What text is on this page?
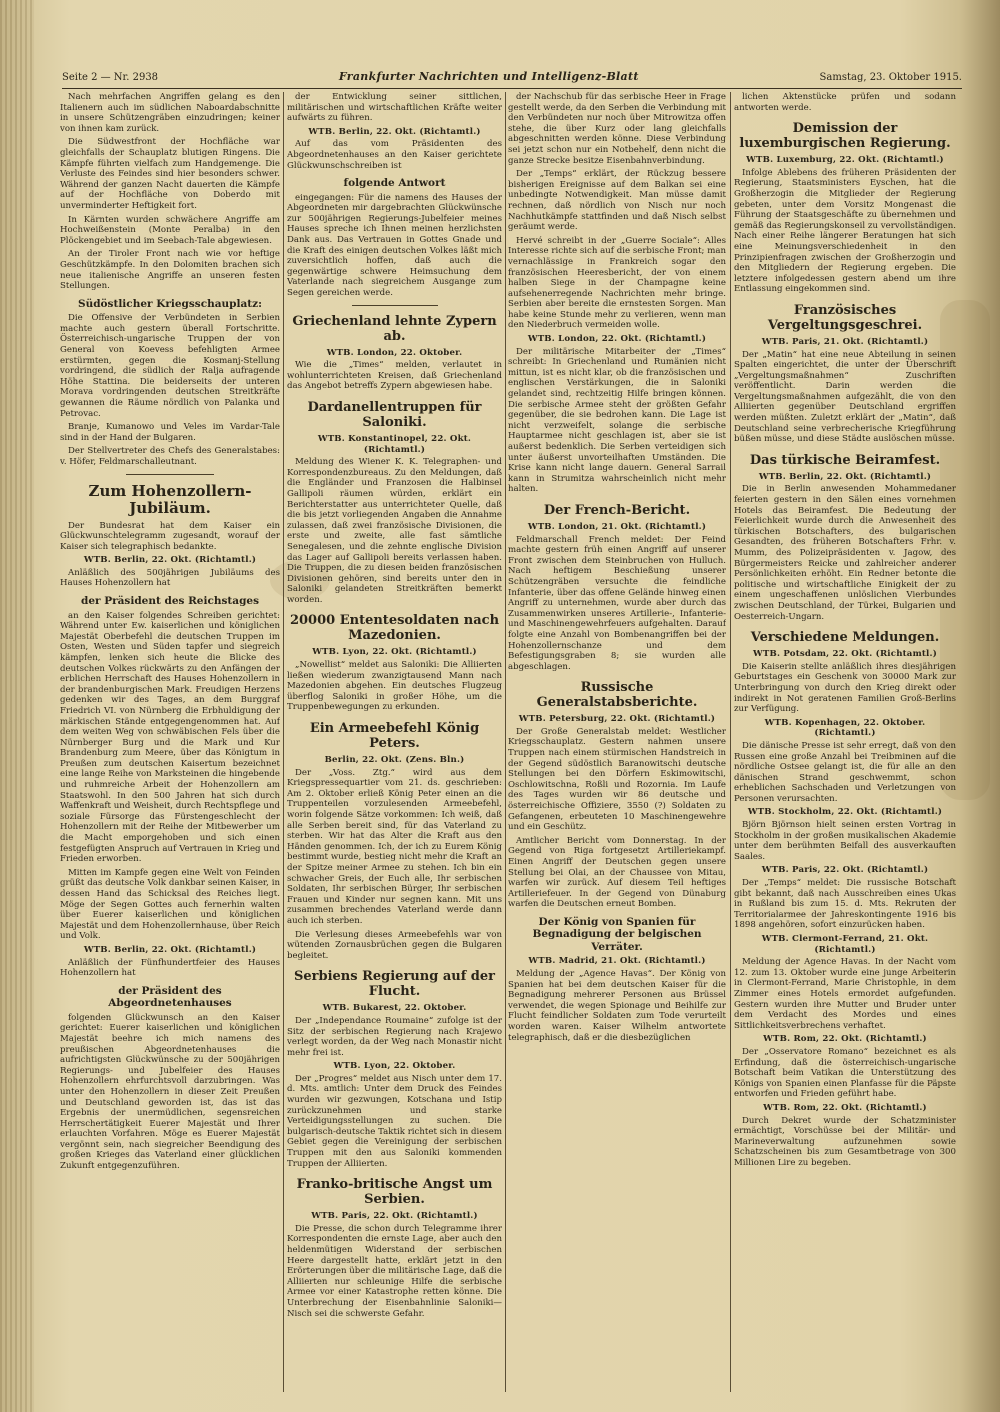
Seite 2 — Nr. 2938	Frankfurter Nachrichten und Intelligenz-Blatt	Samstag, 23. Oktober 1915.

Nach mehrfachen Angriffen gelang es den Italienern auch im südlichen Naboardabschnitte in unsere Schützengräben einzudringen; keiner von ihnen kam zurück.

Die Südwestfront der Hochfläche war gleichfalls der Schauplatz blutigen Ringens. Die Kämpfe führten vielfach zum Handgemenge. Die Verluste des Feindes sind hier besonders schwer. Während der ganzen Nacht dauerten die Kämpfe auf der Hochfläche von Doberdo mit unverminderter Heftigkeit fort.

In Kärnten wurden schwächere Angriffe am Hochweißenstein (Monte Peralba) in den Plöckengebiet und im Seebach-Tale abgewiesen.

An der Tiroler Front nach wie vor heftige Geschützkämpfe. In den Dolomiten brachen sich neue italienische Angriffe an unseren festen Stellungen.

Südöstlicher Kriegsschauplatz:

Die Offensive der Verbündeten in Serbien machte auch gestern überall Fortschritte. Österreichisch-ungarische Truppen der von General von Koevess befehligten Armee erstürmten, gegen die Kosmanj-Stellung vordringend, die südlich der Ralja aufragende Höhe Stattina. Die beiderseits der unteren Morava vordringenden deutschen Streitkräfte gewannen die Räume nördlich von Palanka und Petrovac.

Branje, Kumanowo und Veles im Vardar-Tale sind in der Hand der Bulgaren.

Der Stellvertreter des Chefs des Generalstabes: v. Höfer, Feldmarschalleutnant.

Zum Hohenzollern-Jubiläum.

Der Bundesrat hat dem Kaiser ein Glückwunschtelegramm zugesandt, worauf der Kaiser sich telegraphisch bedankte.

WTB. Berlin, 22. Okt. (Richtamtl.)

Anläßlich des 500jährigen Jubiläums des Hauses Hohenzollern hat

der Präsident des Reichstages

an den Kaiser folgendes Schreiben gerichtet: Während unter Ew. kaiserlichen und königlichen Majestät Oberbefehl die deutschen Truppen im Osten, Westen und Süden tapfer und siegreich kämpfen, lenken sich heute die Blicke des deutschen Volkes rückwärts zu den Anfängen der erblichen Herrschaft des Hauses Hohenzollern in der brandenburgischen Mark. Freudigen Herzens gedenken wir des Tages, an dem Burggraf Friedrich VI. von Nürnberg die Erbhuldigung der märkischen Stände entgegengenommen hat. Auf dem weiten Weg von schwäbischen Fels über die Nürnberger Burg und die Mark und Kur Brandenburg zum Meere, über das Königtum in Preußen zum deutschen Kaisertum bezeichnet eine lange Reihe von Marksteinen die hingebende und ruhmreiche Arbeit der Hohenzollern am Staatswohl. In den 500 Jahren hat sich durch Waffenkraft und Weisheit, durch Rechtspflege und soziale Fürsorge das Fürstengeschlecht der Hohenzollern mit der Reihe der Mitbewerber um die Macht emporgehoben und sich einen festgefügten Anspruch auf Vertrauen in Krieg und Frieden erworben.

Mitten im Kampfe gegen eine Welt von Feinden grüßt das deutsche Volk dankbar seinen Kaiser, in dessen Hand das Schicksal des Reiches liegt. Möge der Segen Gottes auch fernerhin walten über Euerer kaiserlichen und königlichen Majestät und dem Hohenzollernhause, über Reich und Volk.

WTB. Berlin, 22. Okt. (Richtamtl.)

Anläßlich der Fünfhundertfeier des Hauses Hohenzollern hat

der Präsident des Abgeordnetenhauses

folgenden Glückwunsch an den Kaiser gerichtet: Euerer kaiserlichen und königlichen Majestät beehre ich mich namens des preußischen Abgeordnetenhauses die aufrichtigsten Glückwünsche zu der 500jährigen Regierungs- und Jubelfeier des Hauses Hohenzollern ehrfurchtsvoll darzubringen. Was unter den Hohenzollern in dieser Zeit Preußen und Deutschland geworden ist, das ist das Ergebnis der unermüdlichen, segensreichen Herrschertätigkeit Euerer Majestät und Ihrer erlauchten Vorfahren. Möge es Euerer Majestät vergönnt sein, nach siegreicher Beendigung des großen Krieges das Vaterland einer glücklichen Zukunft entgegenzuführen.

der Entwicklung seiner sittlichen, militärischen und wirtschaftlichen Kräfte weiter aufwärts zu führen.

WTB. Berlin, 22. Okt. (Richtamtl.)

Auf das vom Präsidenten des Abgeordnetenhauses an den Kaiser gerichtete Glückwunschschreiben ist

folgende Antwort

eingegangen: Für die namens des Hauses der Abgeordneten mir dargebrachten Glückwünsche zur 500jährigen Regierungs-Jubelfeier meines Hauses spreche ich Ihnen meinen herzlichsten Dank aus. Das Vertrauen in Gottes Gnade und die Kraft des einigen deutschen Volkes läßt mich zuversichtlich hoffen, daß auch die gegenwärtige schwere Heimsuchung dem Vaterlande nach siegreichem Ausgange zum Segen gereichen werde.

Griechenland lehnte Zypern ab.
WTB. London, 22. Oktober.

Wie die „Times“ melden, verlautet in wohlunterrichteten Kreisen, daß Griechenland das Angebot betreffs Zypern abgewiesen habe.

Dardanellentruppen für Saloniki.
WTB. Konstantinopel, 22. Okt. (Richtamtl.)

Meldung des Wiener K. K. Telegraphen- und Korrespondenzbureaus. Zu den Meldungen, daß die Engländer und Franzosen die Halbinsel Gallipoli räumen würden, erklärt ein Berichterstatter aus unterrichteter Quelle, daß die bis jetzt vorliegenden Angaben die Annahme zulassen, daß zwei französische Divisionen, die erste und zweite, alle fast sämtliche Senegalesen, und die zehnte englische Division das Lager auf Gallipoli bereits verlassen haben. Die Truppen, die zu diesen beiden französischen Divisionen gehören, sind bereits unter den in Saloniki gelandeten Streitkräften bemerkt worden.

20000 Ententesoldaten nach Mazedonien.
WTB. Lyon, 22. Okt. (Richtamtl.)

„Nowellist“ meldet aus Saloniki: Die Alliierten ließen wiederum zwanzigtausend Mann nach Mazedonien abgehen. Ein deutsches Flugzeug überflog Saloniki in großer Höhe, um die Truppenbewegungen zu erkunden.

Ein Armeebefehl König Peters.
Berlin, 22. Okt. (Zens. Bln.)

Der „Voss. Ztg.“ wird aus dem Kriegspressequartier vom 21. ds. geschrieben: Am 2. Oktober erließ König Peter einen an die Truppenteilen vorzulesenden Armeebefehl, worin folgende Sätze vorkommen: Ich weiß, daß alle Serben bereit sind, für das Vaterland zu sterben. Wir hat das Alter die Kraft aus den Händen genommen. Ich, der ich zu Eurem König bestimmt wurde, bestieg nicht mehr die Kraft an der Spitze meiner Armee zu stehen. Ich bin ein schwacher Greis, der Euch alle, Ihr serbischen Soldaten, Ihr serbischen Bürger, Ihr serbischen Frauen und Kinder nur segnen kann. Mit uns zusammen brechendes Vaterland werde dann auch ich sterben.

Die Verlesung dieses Armeebefehls war von wütenden Zornausbrüchen gegen die Bulgaren begleitet.

Serbiens Regierung auf der Flucht.
WTB. Bukarest, 22. Oktober.

Der „Independance Roumaine“ zufolge ist der Sitz der serbischen Regierung nach Krajewo verlegt worden, da der Weg nach Monastir nicht mehr frei ist.

WTB. Lyon, 22. Oktober.

Der „Progres“ meldet aus Nisch unter dem 17. d. Mts. amtlich: Unter dem Druck des Feindes wurden wir gezwungen, Kotschana und Istip zurückzunehmen und starke Verteidigungsstellungen zu suchen. Die bulgarisch-deutsche Taktik richtet sich in diesem Gebiet gegen die Vereinigung der serbischen Truppen mit den aus Saloniki kommenden Truppen der Alliierten.

Franko-britische Angst um Serbien.
WTB. Paris, 22. Okt. (Richtamtl.)

Die Presse, die schon durch Telegramme ihrer Korrespondenten die ernste Lage, aber auch den heldenmütigen Widerstand der serbischen Heere dargestellt hatte, erklärt jetzt in den Erörterungen über die militärische Lage, daß die Alliierten nur schleunige Hilfe die serbische Armee vor einer Katastrophe retten könne. Die Unterbrechung der Eisenbahnlinie Saloniki—Nisch sei die schwerste Gefahr.

der Nachschub für das serbische Heer in Frage gestellt werde, da den Serben die Verbindung mit den Verbündeten nur noch über Mitrowitza offen stehe, die über Kurz oder lang gleichfalls abgeschnitten werden könne. Diese Verbindung sei jetzt schon nur ein Notbehelf, denn nicht die ganze Strecke besitze Eisenbahnverbindung.

Der „Temps“ erklärt, der Rückzug bessere bisherigen Ereignisse auf dem Balkan sei eine unbedingte Notwendigkeit. Man müsse damit rechnen, daß nördlich von Nisch nur noch Nachhutkämpfe stattfinden und daß Nisch selbst geräumt werde.

Hervé schreibt in der „Guerre Sociale“: Alles Interesse richte sich auf die serbische Front; man vernachlässige in Frankreich sogar den französischen Heeresbericht, der von einem halben Siege in der Champagne keine aufsehenerregende Nachrichten mehr bringe. Serbien aber bereite die ernstesten Sorgen. Man habe keine Stunde mehr zu verlieren, wenn man den Niederbruch vermeiden wolle.

WTB. London, 22. Okt. (Richtamtl.)

Der militärische Mitarbeiter der „Times“ schreibt: In Griechenland und Rumänien nicht mittun, ist es nicht klar, ob die französischen und englischen Verstärkungen, die in Saloniki gelandet sind, rechtzeitig Hilfe bringen können. Die serbische Armee steht der größten Gefahr gegenüber, die sie bedrohen kann. Die Lage ist nicht verzweifelt, solange die serbische Hauptarmee nicht geschlagen ist, aber sie ist außerst bedenklich. Die Serben verteidigen sich unter äußerst unvorteilhaften Umständen. Die Krise kann nicht lange dauern. General Sarrail kann in Strumitza wahrscheinlich nicht mehr halten.

Der French-Bericht.
WTB. London, 21. Okt. (Richtamtl.)

Feldmarschall French meldet: Der Feind machte gestern früh einen Angriff auf unserer Front zwischen dem Steinbruchen von Hulluch. Nach heftigem Beschießung unserer Schützengräben versuchte die feindliche Infanterie, über das offene Gelände hinweg einen Angriff zu unternehmen, wurde aber durch das Zusammenwirken unseres Artillerie-, Infanterie- und Maschinengewehrfeuers aufgehalten. Darauf folgte eine Anzahl von Bombenangriffen bei der Hohenzollernschanze und dem Befestigungsgraben 8; sie wurden alle abgeschlagen.

Russische Generalstabsberichte.
WTB. Petersburg, 22. Okt. (Richtamtl.)

Der Große Generalstab meldet: Westlicher Kriegsschauplatz. Gestern nahmen unsere Truppen nach einem stürmischen Handstreich in der Gegend südöstlich Baranowitschi deutsche Stellungen bei den Dörfern Eskimowitschi, Oschlowitschna, Roßli und Rozornia. Im Laufe des Tages wurden wir 86 deutsche und österreichische Offiziere, 3550 (?) Soldaten zu Gefangenen, erbeuteten 10 Maschinengewehre und ein Geschütz.

Amtlicher Bericht vom Donnerstag. In der Gegend von Riga fortgesetzt Artilleriekampf. Einen Angriff der Deutschen gegen unsere Stellung bei Olai, an der Chaussee von Mitau, warfen wir zurück. Auf diesem Teil heftiges Artilleriefeuer. In der Gegend von Dünaburg warfen die Deutschen erneut Bomben.

Der König von Spanien für Begnadigung der belgischen Verräter.
WTB. Madrid, 21. Okt. (Richtamtl.)

Meldung der „Agence Havas“. Der König von Spanien hat bei dem deutschen Kaiser für die Begnadigung mehrerer Personen aus Brüssel verwendet, die wegen Spionage und Beihilfe zur Flucht feindlicher Soldaten zum Tode verurteilt worden waren. Kaiser Wilhelm antwortete telegraphisch, daß er die diesbezüglichen

lichen Aktenstücke prüfen und sodann antworten werde.

Demission der luxemburgischen Regierung.
WTB. Luxemburg, 22. Okt. (Richtamtl.)

Infolge Ablebens des früheren Präsidenten der Regierung, Staatsministers Eyschen, hat die Großherzogin die Mitglieder der Regierung gebeten, unter dem Vorsitz Mongenast die Führung der Staatsgeschäfte zu übernehmen und gemäß das Regierungskonseil zu vervollständigen. Nach einer Reihe längerer Beratungen hat sich eine Meinungsverschiedenheit in den Prinzipienfragen zwischen der Großherzogin und den Mitgliedern der Regierung ergeben. Die letztere infolgedessen gestern abend um ihre Entlassung eingekommen sind.

Französisches Vergeltungsgeschrei.
WTB. Paris, 21. Okt. (Richtamtl.)

Der „Matin“ hat eine neue Abteilung in seinen Spalten eingerichtet, die unter der Überschrift „Vergeltungsmaßnahmen“ Zuschriften veröffentlicht. Darin werden die Vergeltungsmaßnahmen aufgezählt, die von den Alliierten gegenüber Deutschland ergriffen werden müßten. Zuletzt erklärt der „Matin“, daß Deutschland seine verbrecherische Kriegführung büßen müsse, und diese Städte auslöschen müsse.

Das türkische Beiramfest.
WTB. Berlin, 22. Okt. (Richtamtl.)

Die in Berlin anwesenden Mohammedaner feierten gestern in den Sälen eines vornehmen Hotels das Beiramfest. Die Bedeutung der Feierlichkeit wurde durch die Anwesenheit des türkischen Botschafters, des bulgarischen Gesandten, des früheren Botschafters Frhr. v. Mumm, des Polizeipräsidenten v. Jagow, des Bürgermeisters Reicke und zahlreicher anderer Persönlichkeiten erhöht. Ein Redner betonte die politische und wirtschaftliche Einigkeit der zu einem ungeschaffenen unlöslichen Vierbundes zwischen Deutschland, der Türkei, Bulgarien und Oesterreich-Ungarn.

Verschiedene Meldungen.
WTB. Potsdam, 22. Okt. (Richtamtl.)

Die Kaiserin stellte anläßlich ihres diesjährigen Geburtstages ein Geschenk von 30000 Mark zur Unterbringung von durch den Krieg direkt oder indirekt in Not geratenen Familien Groß-Berlins zur Verfügung.

WTB. Kopenhagen, 22. Oktober. (Richtamtl.)

Die dänische Presse ist sehr erregt, daß von den Russen eine große Anzahl bei Treibminen auf die nördliche Ostsee gelangt ist, die für alle an den dänischen Strand geschwemmt, schon erheblichen Sachschaden und Verletzungen von Personen verursachten.

WTB. Stockholm, 22. Okt. (Richtamtl.)

Björn Björnson hielt seinen ersten Vortrag in Stockholm in der großen musikalischen Akademie unter dem berühmten Beifall des ausverkauften Saales.

WTB. Paris, 22. Okt. (Richtamtl.)

Der „Temps“ meldet: Die russische Botschaft gibt bekannt, daß nach Ausschreiben eines Ukas in Rußland bis zum 15. d. Mts. Rekruten der Territorialarmee der Jahreskontingente 1916 bis 1898 angehören, sofort einzurücken haben.

WTB. Clermont-Ferrand, 21. Okt. (Richtamtl.)

Meldung der Agence Havas. In der Nacht vom 12. zum 13. Oktober wurde eine junge Arbeiterin in Clermont-Ferrand, Marie Christophle, in dem Zimmer eines Hotels ermordet aufgefunden. Gestern wurden ihre Mutter und Bruder unter dem Verdacht des Mordes und eines Sittlichkeitsverbrechens verhaftet.

WTB. Rom, 22. Okt. (Richtamtl.)

Der „Osservatore Romano“ bezeichnet es als Erfindung, daß die österreichisch-ungarische Botschaft beim Vatikan die Unterstützung des Königs von Spanien einen Planfasse für die Päpste entworfen und Frieden geführt habe.

WTB. Rom, 22. Okt. (Richtamtl.)

Durch Dekret wurde der Schatzminister ermächtigt, Vorschüsse bei der Militär- und Marineverwaltung aufzunehmen sowie Schatzscheinen bis zum Gesamtbetrage von 300 Millionen Lire zu begeben.
